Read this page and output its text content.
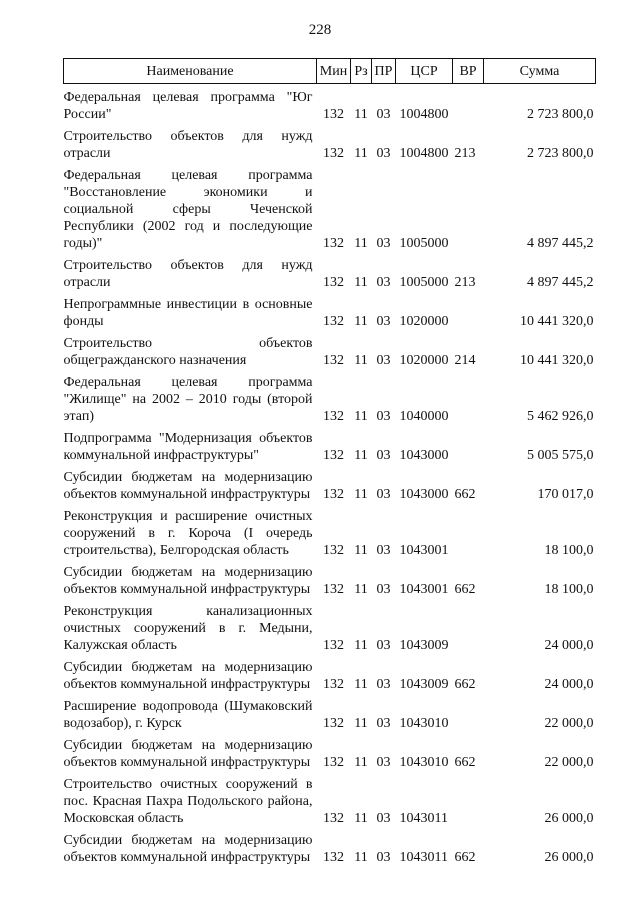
228
Наименование	Мин	Рз	ПР	ЦСР	ВР	Сумма
Федеральная целевая программа "Юг России"	132	11	03	1004800		2 723 800,0
Строительство объектов для нужд отрасли	132	11	03	1004800	213	2 723 800,0
Федеральная целевая программа "Восстановление экономики и социальной сферы Чеченской Республики (2002 год и последующие годы)"	132	11	03	1005000		4 897 445,2
Строительство объектов для нужд отрасли	132	11	03	1005000	213	4 897 445,2
Непрограммные инвестиции в основные фонды	132	11	03	1020000		10 441 320,0
Строительство объектов общегражданского назначения	132	11	03	1020000	214	10 441 320,0
Федеральная целевая программа "Жилище" на 2002 – 2010 годы (второй этап)	132	11	03	1040000		5 462 926,0
Подпрограмма "Модернизация объектов коммунальной инфраструктуры"	132	11	03	1043000		5 005 575,0
Субсидии бюджетам на модернизацию объектов коммунальной инфраструктуры	132	11	03	1043000	662	170 017,0
Реконструкция и расширение очистных сооружений в г. Короча (I очередь строительства), Белгородская область	132	11	03	1043001		18 100,0
Субсидии бюджетам на модернизацию объектов коммунальной инфраструктуры	132	11	03	1043001	662	18 100,0
Реконструкция канализационных очистных сооружений в г. Медыни, Калужская область	132	11	03	1043009		24 000,0
Субсидии бюджетам на модернизацию объектов коммунальной инфраструктуры	132	11	03	1043009	662	24 000,0
Расширение водопровода (Шумаковский водозабор), г. Курск	132	11	03	1043010		22 000,0
Субсидии бюджетам на модернизацию объектов коммунальной инфраструктуры	132	11	03	1043010	662	22 000,0
Строительство очистных сооружений в пос. Красная Пахра Подольского района, Московская область	132	11	03	1043011		26 000,0
Субсидии бюджетам на модернизацию объектов коммунальной инфраструктуры	132	11	03	1043011	662	26 000,0
